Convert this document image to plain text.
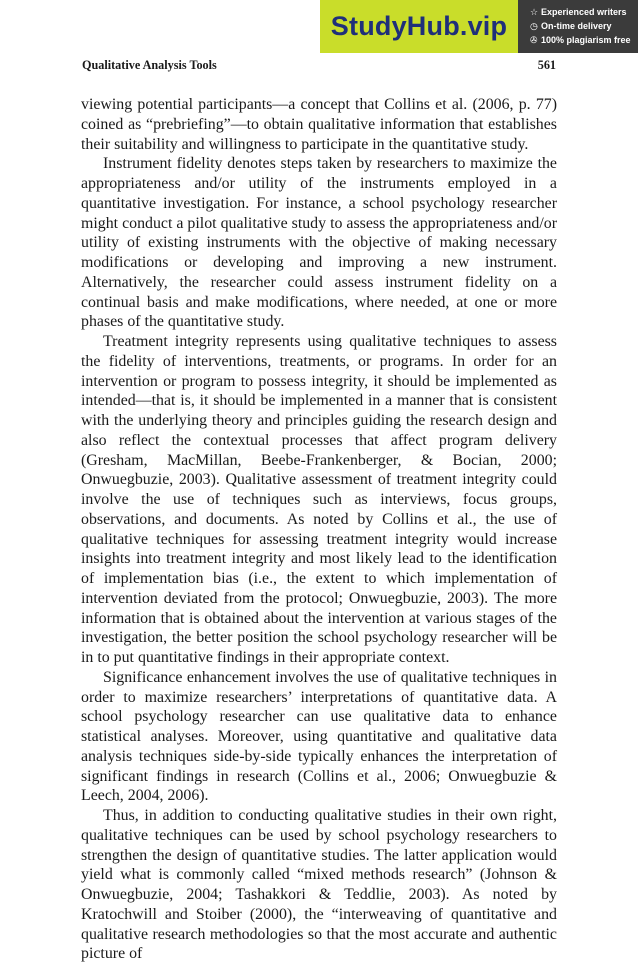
StudyHub.vip	☆ Experienced writers
◷ On-time delivery
✇ 100% plagiarism free
Qualitative Analysis Tools	561

viewing potential participants—a concept that Collins et al. (2006, p. 77) coined as “prebriefing”—to obtain qualitative information that establishes their suitability and willingness to participate in the quantitative study.

Instrument fidelity denotes steps taken by researchers to maximize the appropriateness and/or utility of the instruments employed in a quantitative investigation. For instance, a school psychology researcher might conduct a pilot qualitative study to assess the appropriateness and/or utility of existing instruments with the objective of making necessary modifications or developing and improving a new instrument. Alternatively, the researcher could assess instrument fidelity on a continual basis and make modifications, where needed, at one or more phases of the quantitative study.

Treatment integrity represents using qualitative techniques to assess the fidelity of interventions, treatments, or programs. In order for an intervention or program to possess integrity, it should be implemented as intended—that is, it should be implemented in a manner that is consistent with the underlying theory and principles guiding the research design and also reflect the contextual processes that affect program delivery (Gresham, MacMillan, Beebe-Frankenberger, & Bocian, 2000; Onwuegbuzie, 2003). Qualitative assessment of treatment integrity could involve the use of techniques such as interviews, focus groups, observations, and documents. As noted by Collins et al., the use of qualitative techniques for assessing treatment integrity would increase insights into treatment integrity and most likely lead to the identification of implementation bias (i.e., the extent to which implementation of intervention deviated from the protocol; Onwuegbuzie, 2003). The more information that is obtained about the intervention at various stages of the investigation, the better position the school psychology researcher will be in to put quantitative findings in their appropriate context.

Significance enhancement involves the use of qualitative techniques in order to maximize researchers’ interpretations of quantitative data. A school psychology researcher can use qualitative data to enhance statistical analyses. Moreover, using quantitative and qualitative data analysis techniques side-by-side typically enhances the interpretation of significant findings in research (Collins et al., 2006; Onwuegbuzie & Leech, 2004, 2006).

Thus, in addition to conducting qualitative studies in their own right, qualitative techniques can be used by school psychology researchers to strengthen the design of quantitative studies. The latter application would yield what is commonly called “mixed methods research” (Johnson & Onwuegbuzie, 2004; Tashakkori & Teddlie, 2003). As noted by Kratochwill and Stoiber (2000), the “interweaving of quantitative and qualitative research methodologies so that the most accurate and authentic picture of
